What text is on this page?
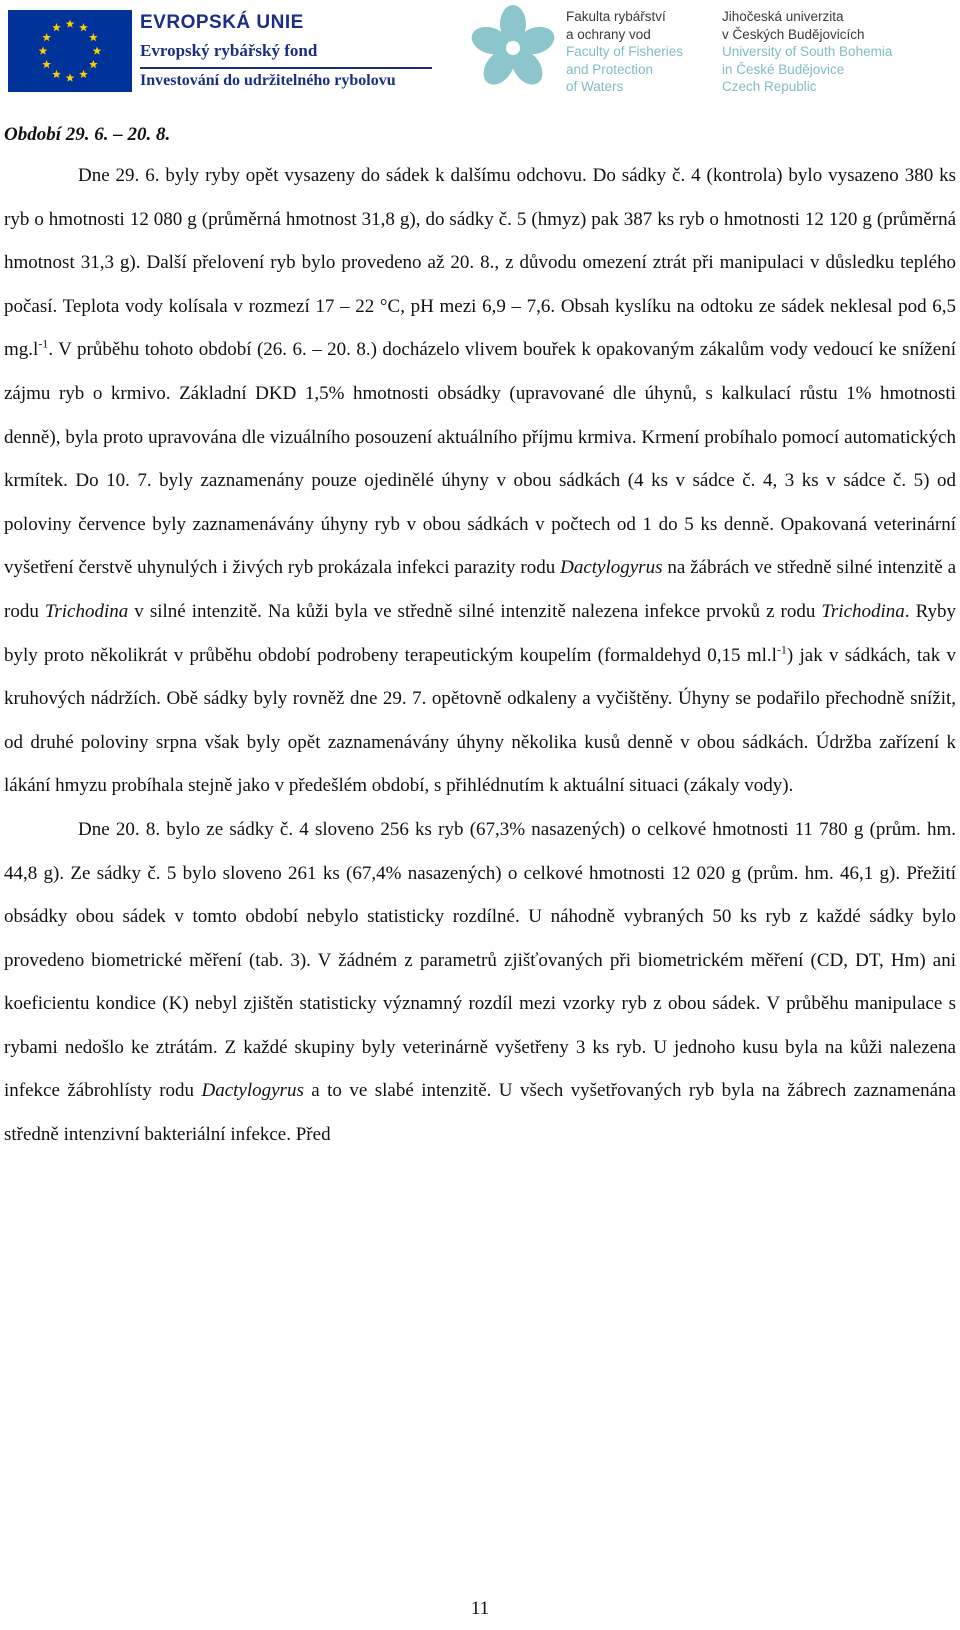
EVROPSKÁ UNIE
Evropský rybářský fond
Investování do udržitelného rybolovu
Fakulta rybářství
a ochrany vod
Faculty of Fisheries
and Protection
of Waters
Jihočeská univerzita
v Českých Budějovicích
University of South Bohemia
in České Budějovice
Czech Republic
Období 29. 6. – 20. 8.

Dne 29. 6. byly ryby opět vysazeny do sádek k dalšímu odchovu. Do sádky č. 4 (kontrola) bylo vysazeno 380 ks ryb o hmotnosti 12 080 g (průměrná hmotnost 31,8 g), do sádky č. 5 (hmyz) pak 387 ks ryb o hmotnosti 12 120 g (průměrná hmotnost 31,3 g). Další přelovení ryb bylo provedeno až 20. 8., z důvodu omezení ztrát při manipulaci v důsledku teplého počasí. Teplota vody kolísala v rozmezí 17 – 22 °C, pH mezi 6,9 – 7,6. Obsah kyslíku na odtoku ze sádek neklesal pod 6,5 $mg.l^{-1}$. V průběhu tohoto období (26. 6. – 20. 8.) docházelo vlivem bouřek k opakovaným zákalům vody vedoucí ke snížení zájmu ryb o krmivo. Základní DKD 1,5% hmotnosti obsádky (upravované dle úhynů, s kalkulací růstu 1% hmotnosti denně), byla proto upravována dle vizuálního posouzení aktuálního příjmu krmiva. Krmení probíhalo pomocí automatických krmítek. Do 10. 7. byly zaznamenány pouze ojedinělé úhyny v obou sádkách (4 ks v sádce č. 4, 3 ks v sádce č. 5) od poloviny července byly zaznamenávány úhyny ryb v obou sádkách v počtech od 1 do 5 ks denně. Opakovaná veterinární vyšetření čerstvě uhynulých i živých ryb prokázala infekci parazity rodu Dactylogyrus na žábrách ve středně silné intenzitě a rodu Trichodina v silné intenzitě. Na kůži byla ve středně silné intenzitě nalezena infekce prvoků z rodu Trichodina. Ryby byly proto několikrát v průběhu období podrobeny terapeutickým koupelím (formaldehyd 0,15 $ml.l^{-1}$) jak v sádkách, tak v kruhových nádržích. Obě sádky byly rovněž dne 29. 7. opětovně odkaleny a vyčištěny. Úhyny se podařilo přechodně snížit, od druhé poloviny srpna však byly opět zaznamenávány úhyny několika kusů denně v obou sádkách. Údržba zařízení k lákání hmyzu probíhala stejně jako v předešlém období, s přihlédnutím k aktuální situaci (zákaly vody).

Dne 20. 8. bylo ze sádky č. 4 sloveno 256 ks ryb (67,3% nasazených) o celkové hmotnosti 11 780 g (prům. hm. 44,8 g). Ze sádky č. 5 bylo sloveno 261 ks (67,4% nasazených) o celkové hmotnosti 12 020 g (prům. hm. 46,1 g). Přežití obsádky obou sádek v tomto období nebylo statisticky rozdílné. U náhodně vybraných 50 ks ryb z každé sádky bylo provedeno biometrické měření (tab. 3). V žádném z parametrů zjišťovaných při biometrickém měření (CD, DT, Hm) ani koeficientu kondice (K) nebyl zjištěn statisticky významný rozdíl mezi vzorky ryb z obou sádek. V průběhu manipulace s rybami nedošlo ke ztrátám. Z každé skupiny byly veterinárně vyšetřeny 3 ks ryb. U jednoho kusu byla na kůži nalezena infekce žábrohlísty rodu Dactylogyrus a to ve slabé intenzitě. U všech vyšetřovaných ryb byla na žábrech zaznamenána středně intenzivní bakteriální infekce. Před

11
